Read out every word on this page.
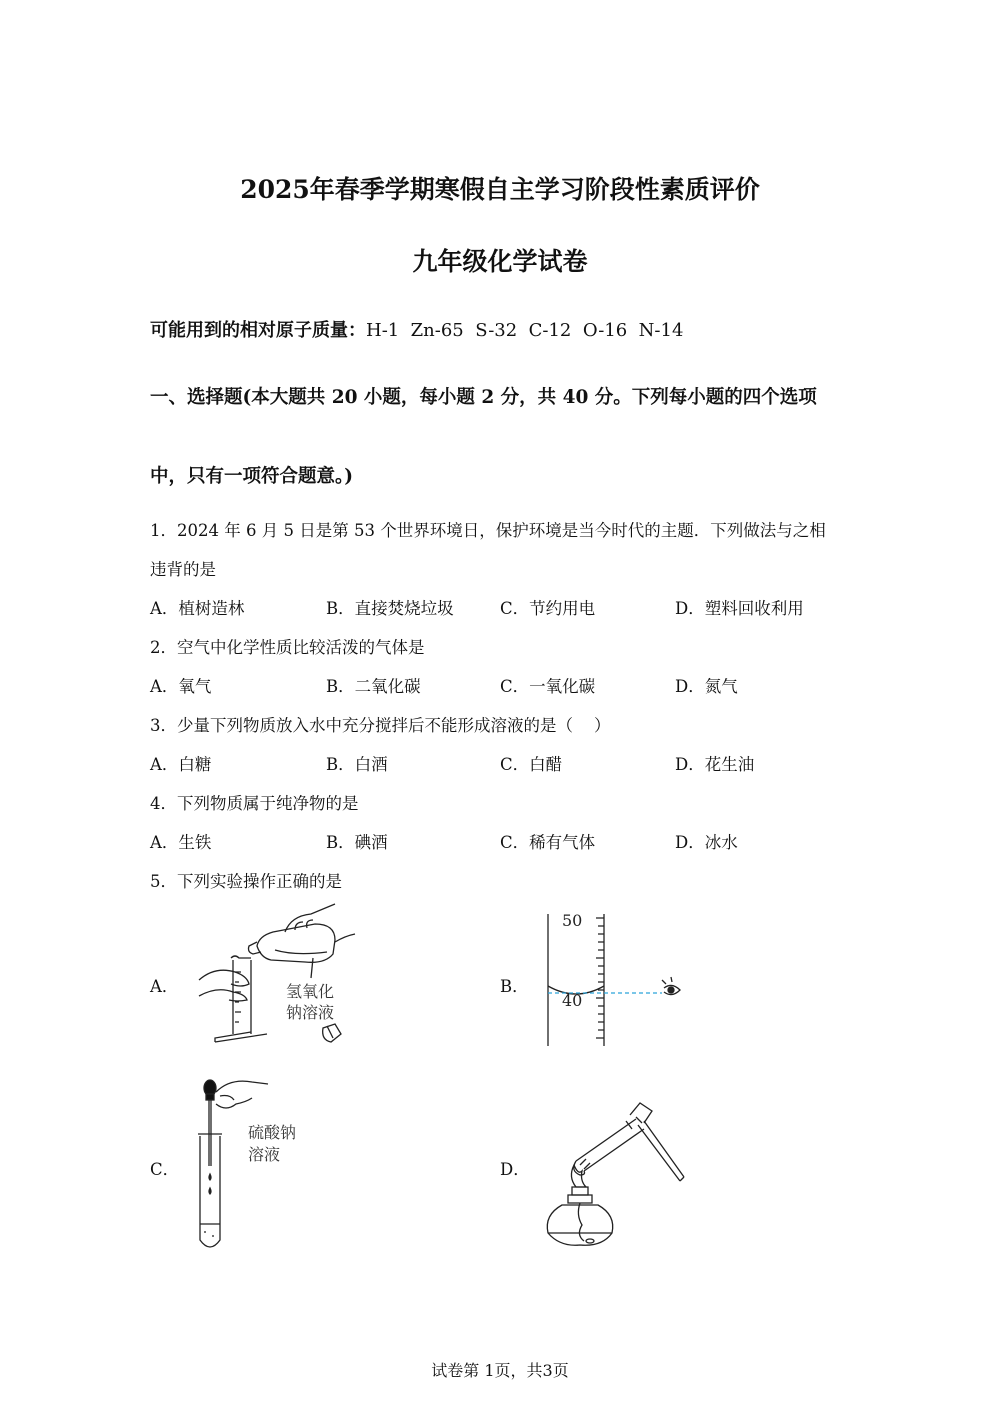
2025年春季学期寒假自主学习阶段性素质评价
九年级化学试卷
可能用到的相对原子质量：H-1  Zn-65  S-32  C-12  O-16  N-14
一、选择题(本大题共 20 小题，每小题 2 分，共 40 分。下列每小题的四个选项
中，只有一项符合题意。)
1．2024 年 6 月 5 日是第 53 个世界环境日，保护环境是当今时代的主题．下列做法与之相
违背的是
A．植树造林	B．直接焚烧垃圾	C．节约用电	D．塑料回收利用
2．空气中化学性质比较活泼的气体是
A．氧气	B．二氧化碳	C．一氧化碳	D．氮气
3．少量下列物质放入水中充分搅拌后不能形成溶液的是（    ）
A．白糖	B．白酒	C．白醋	D．花生油
4．下列物质属于纯净物的是
A．生铁	B．碘酒	C．稀有气体	D．冰水
5．下列实验操作正确的是
A．	氢氧化
钠溶液
B．
50
40
C．
硫酸钠
溶液
D．
试卷第 1页，共3页
